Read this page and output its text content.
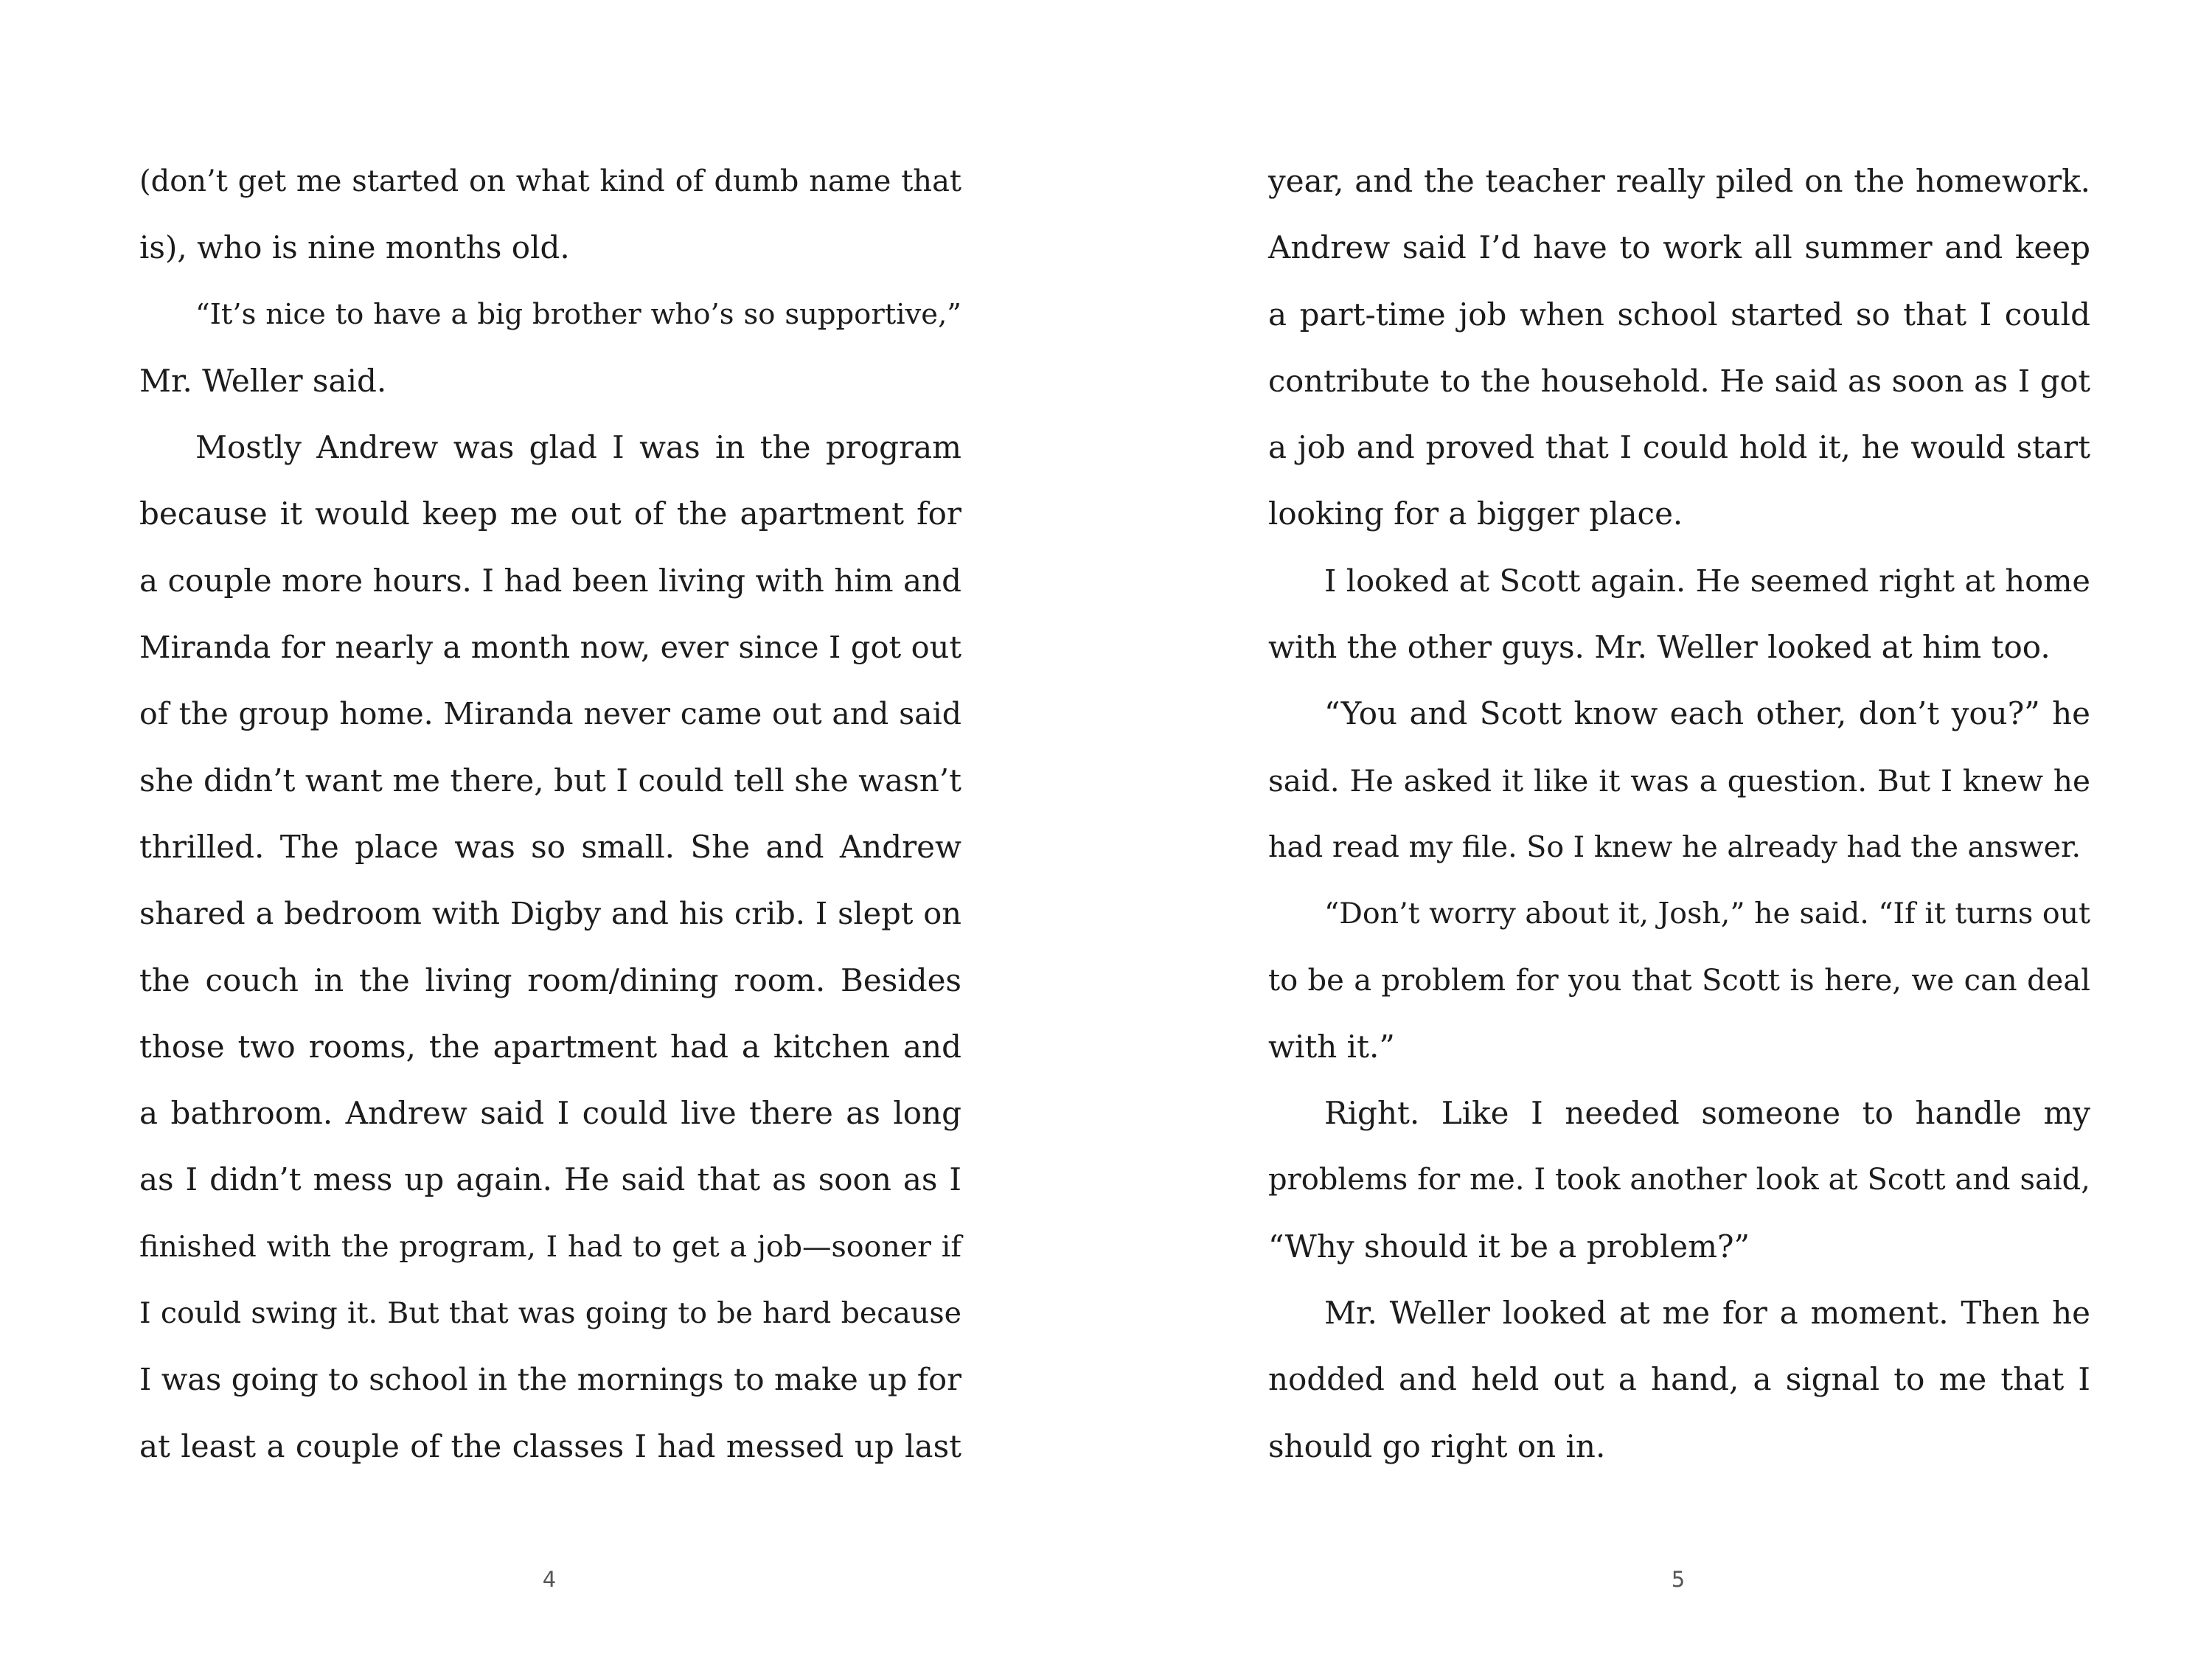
(don’t get me started on what kind of dumb name that
is), who is nine months old.
“It’s nice to have a big brother who’s so supportive,”
Mr. Weller said.
Mostly Andrew was glad I was in the program
because it would keep me out of the apartment for
a couple more hours. I had been living with him and
Miranda for nearly a month now, ever since I got out
of the group home. Miranda never came out and said
she didn’t want me there, but I could tell she wasn’t
thrilled. The place was so small. She and Andrew
shared a bedroom with Digby and his crib. I slept on
the couch in the living room/dining room. Besides
those two rooms, the apartment had a kitchen and
a bathroom. Andrew said I could live there as long
as I didn’t mess up again. He said that as soon as I
finished with the program, I had to get a job—sooner if
I could swing it. But that was going to be hard because
I was going to school in the mornings to make up for
at least a couple of the classes I had messed up last
4
year, and the teacher really piled on the homework.
Andrew said I’d have to work all summer and keep
a part-time job when school started so that I could
contribute to the household. He said as soon as I got
a job and proved that I could hold it, he would start
looking for a bigger place.
I looked at Scott again. He seemed right at home
with the other guys. Mr. Weller looked at him too.
“You and Scott know each other, don’t you?” he
said. He asked it like it was a question. But I knew he
had read my file. So I knew he already had the answer.
“Don’t worry about it, Josh,” he said. “If it turns out
to be a problem for you that Scott is here, we can deal
with it.”
Right. Like I needed someone to handle my
problems for me. I took another look at Scott and said,
“Why should it be a problem?”
Mr. Weller looked at me for a moment. Then he
nodded and held out a hand, a signal to me that I
should go right on in.
5
